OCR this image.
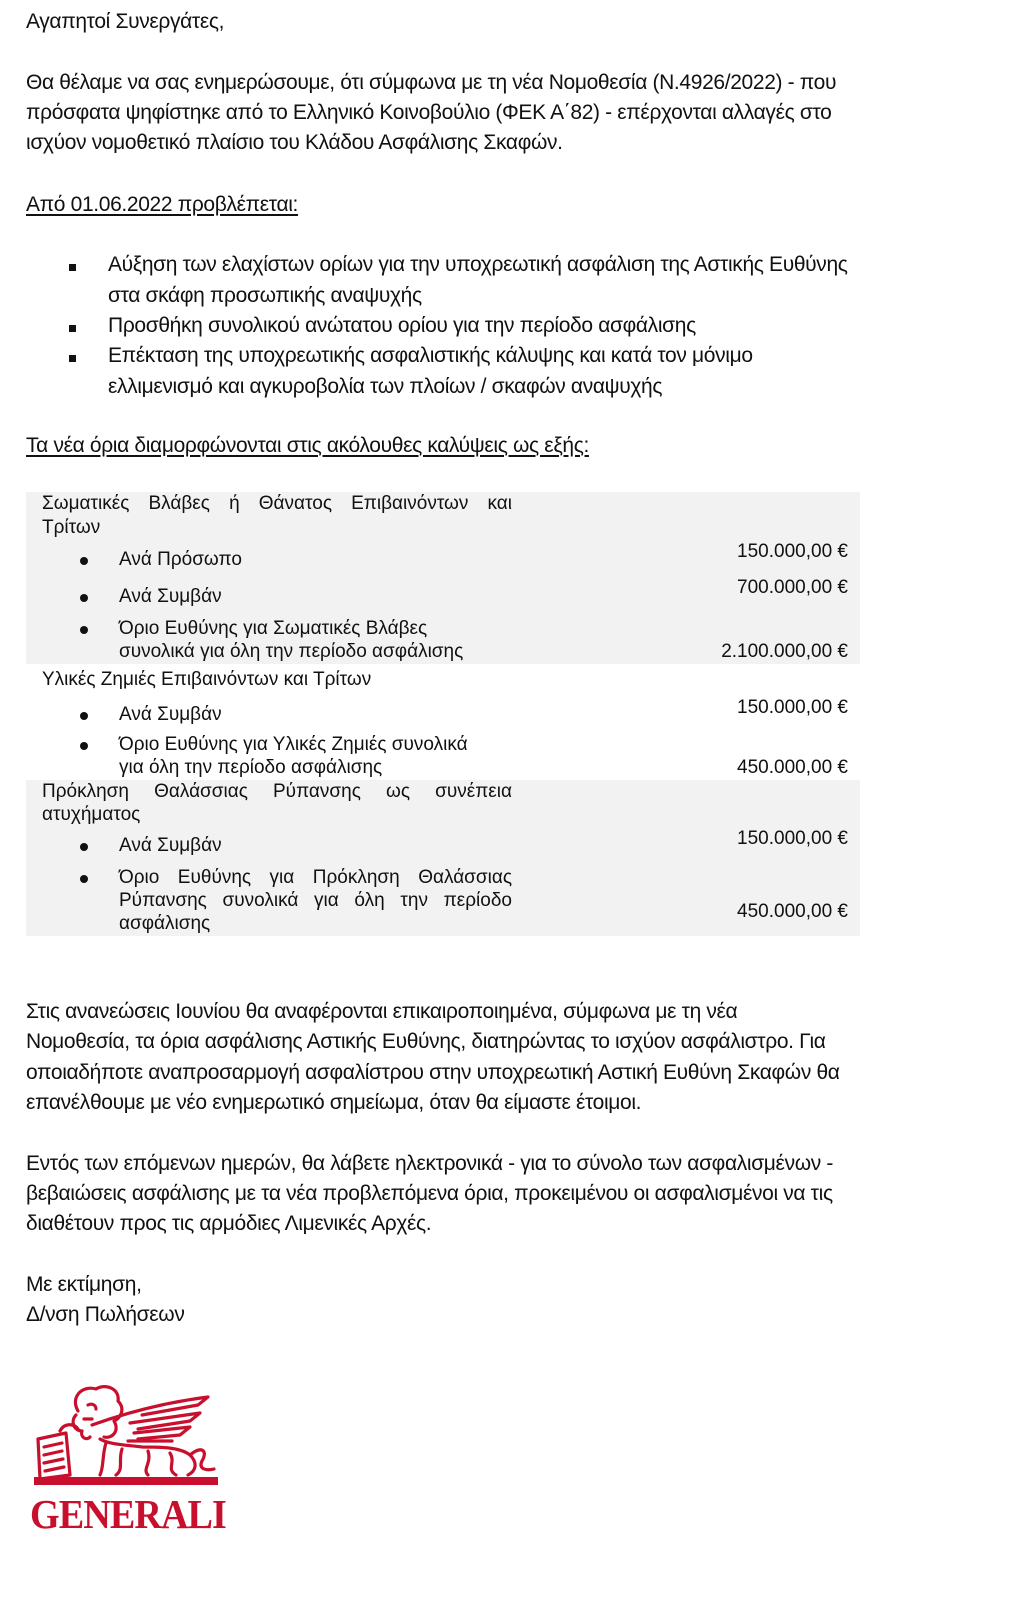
Αγαπητοί Συνεργάτες,
Θα θέλαμε να σας ενημερώσουμε, ότι σύμφωνα με τη νέα Νομοθεσία (Ν.4926/2022) - που
πρόσφατα ψηφίστηκε από το Ελληνικό Κοινοβούλιο (ΦΕΚ Α΄82) - επέρχονται αλλαγές στο
ισχύον νομοθετικό πλαίσιο του Κλάδου Ασφάλισης Σκαφών.
Από 01.06.2022 προβλέπεται:
Αύξηση των ελαχίστων ορίων για την υποχρεωτική ασφάλιση της Αστικής Ευθύνης
στα σκάφη προσωπικής αναψυχής
Προσθήκη συνολικού ανώτατου ορίου για την περίοδο ασφάλισης
Επέκταση της υποχρεωτικής ασφαλιστικής κάλυψης και κατά τον μόνιμο
ελλιμενισμό και αγκυροβολία των πλοίων / σκαφών αναψυχής
Τα νέα όρια διαμορφώνονται στις ακόλουθες καλύψεις ως εξής:
Σωματικές Βλάβες ή Θάνατος Επιβαινόντων και
Τρίτων
Ανά Πρόσωπο	150.000,00 €
Ανά Συμβάν	700.000,00 €
Όριο Ευθύνης για Σωματικές Βλάβες
συνολικά για όλη την περίοδο ασφάλισης	2.100.000,00 €
Υλικές Ζημιές Επιβαινόντων και Τρίτων
Ανά Συμβάν	150.000,00 €
Όριο Ευθύνης για Υλικές Ζημιές συνολικά
για όλη την περίοδο ασφάλισης	450.000,00 €
Πρόκληση Θαλάσσιας Ρύπανσης ως συνέπεια
ατυχήματος
Ανά Συμβάν	150.000,00 €
Όριο Ευθύνης για Πρόκληση Θαλάσσιας
Ρύπανσης συνολικά για όλη την περίοδο
ασφάλισης
450.000,00 €
Στις ανανεώσεις Ιουνίου θα αναφέρονται επικαιροποιημένα, σύμφωνα με τη νέα
Νομοθεσία, τα όρια ασφάλισης Αστικής Ευθύνης, διατηρώντας το ισχύον ασφάλιστρο. Για
οποιαδήποτε αναπροσαρμογή ασφαλίστρου στην υποχρεωτική Αστική Ευθύνη Σκαφών θα
επανέλθουμε με νέο ενημερωτικό σημείωμα, όταν θα είμαστε έτοιμοι.
Εντός των επόμενων ημερών, θα λάβετε ηλεκτρονικά - για το σύνολο των ασφαλισμένων -
βεβαιώσεις ασφάλισης με τα νέα προβλεπόμενα όρια, προκειμένου οι ασφαλισμένοι να τις
διαθέτουν προς τις αρμόδιες Λιμενικές Αρχές.
Με εκτίμηση,
Δ/νση Πωλήσεων
GENERALI
